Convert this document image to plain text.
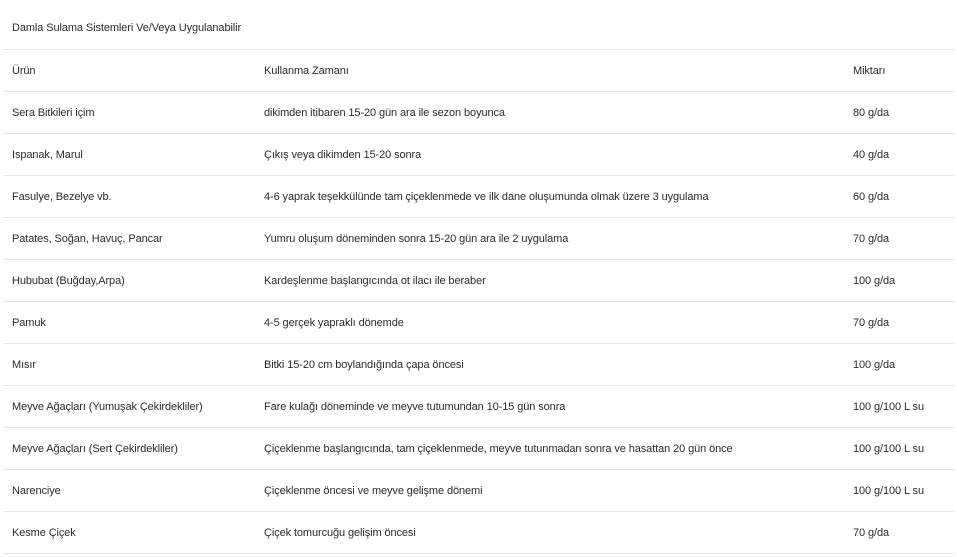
Damla Sulama Sistemleri Ve/Veya Uygulanabilir
Ürün	Kullanma Zamanı	Miktarı
Sera Bitkileri içim	dikimden itibaren 15-20 gün ara ile sezon boyunca	80 g/da
Ispanak, Marul	Çıkış veya dikimden 15-20 sonra	40 g/da
Fasulye, Bezelye vb.	4-6 yaprak teşekkülünde tam çiçeklenmede ve ilk dane oluşumunda olmak üzere 3 uygulama	60 g/da
Patates, Soğan, Havuç, Pancar	Yumru oluşum döneminden sonra 15-20 gün ara ile 2 uygulama	70 g/da
Hububat (Buğday,Arpa)	Kardeşlenme başlangıcında ot ilacı ile beraber	100 g/da
Pamuk	4-5 gerçek yapraklı dönemde	70 g/da
Mısır	Bitki 15-20 cm boylandığında çapa öncesi	100 g/da
Meyve Ağaçları (Yumuşak Çekirdekliler)	Fare kulağı döneminde ve meyve tutumundan 10-15 gün sonra	100 g/100 L su
Meyve Ağaçları (Sert Çekirdekliler)	Çiçeklenme başlangıcında, tam çiçeklenmede, meyve tutunmadan sonra ve hasattan 20 gün önce	100 g/100 L su
Narenciye	Çiçeklenme öncesi ve meyve gelişme dönemi	100 g/100 L su
Kesme Çiçek	Çiçek tomurcuğu gelişim öncesi	70 g/da
